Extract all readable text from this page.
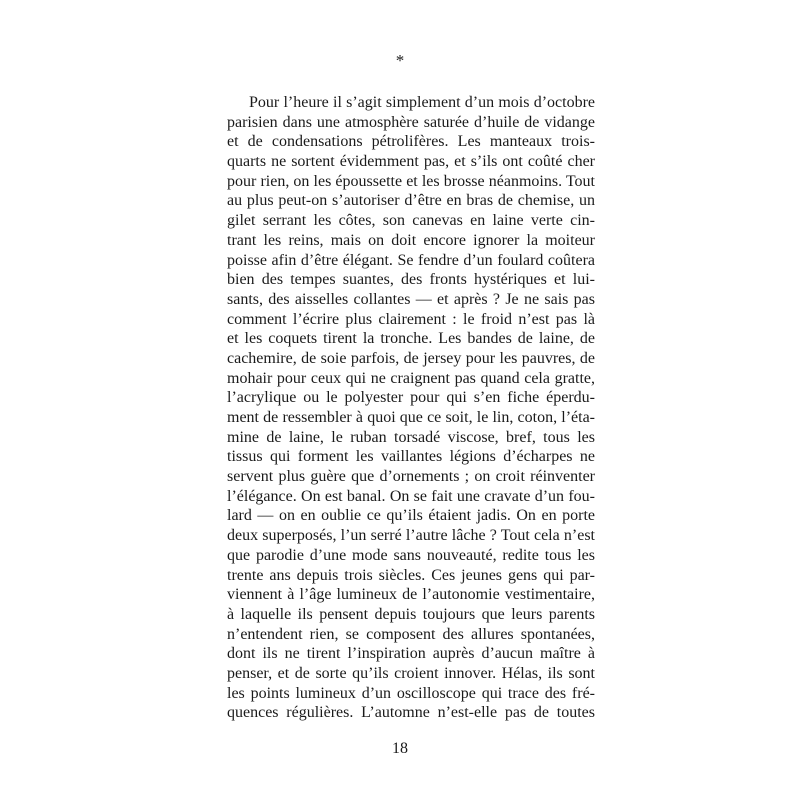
*
Pour l’heure il s’agit simplement d’un mois d’octobre
parisien dans une atmosphère saturée d’huile de vidange
et de condensations pétrolifères. Les manteaux trois-
quarts ne sortent évidemment pas, et s’ils ont coûté cher
pour rien, on les époussette et les brosse néanmoins. Tout
au plus peut-on s’autoriser d’être en bras de chemise, un
gilet serrant les côtes, son canevas en laine verte cin-
trant les reins, mais on doit encore ignorer la moiteur
poisse afin d’être élégant. Se fendre d’un foulard coûtera
bien des tempes suantes, des fronts hystériques et lui-
sants, des aisselles collantes — et après ? Je ne sais pas
comment l’écrire plus clairement : le froid n’est pas là
et les coquets tirent la tronche. Les bandes de laine, de
cachemire, de soie parfois, de jersey pour les pauvres, de
mohair pour ceux qui ne craignent pas quand cela gratte,
l’acrylique ou le polyester pour qui s’en fiche éperdu-
ment de ressembler à quoi que ce soit, le lin, coton, l’éta-
mine de laine, le ruban torsadé viscose, bref, tous les
tissus qui forment les vaillantes légions d’écharpes ne
servent plus guère que d’ornements ; on croit réinventer
l’élégance. On est banal. On se fait une cravate d’un fou-
lard — on en oublie ce qu’ils étaient jadis. On en porte
deux superposés, l’un serré l’autre lâche ? Tout cela n’est
que parodie d’une mode sans nouveauté, redite tous les
trente ans depuis trois siècles. Ces jeunes gens qui par-
viennent à l’âge lumineux de l’autonomie vestimentaire,
à laquelle ils pensent depuis toujours que leurs parents
n’entendent rien, se composent des allures spontanées,
dont ils ne tirent l’inspiration auprès d’aucun maître à
penser, et de sorte qu’ils croient innover. Hélas, ils sont
les points lumineux d’un oscilloscope qui trace des fré-
quences régulières. L’automne n’est-elle pas de toutes
18
